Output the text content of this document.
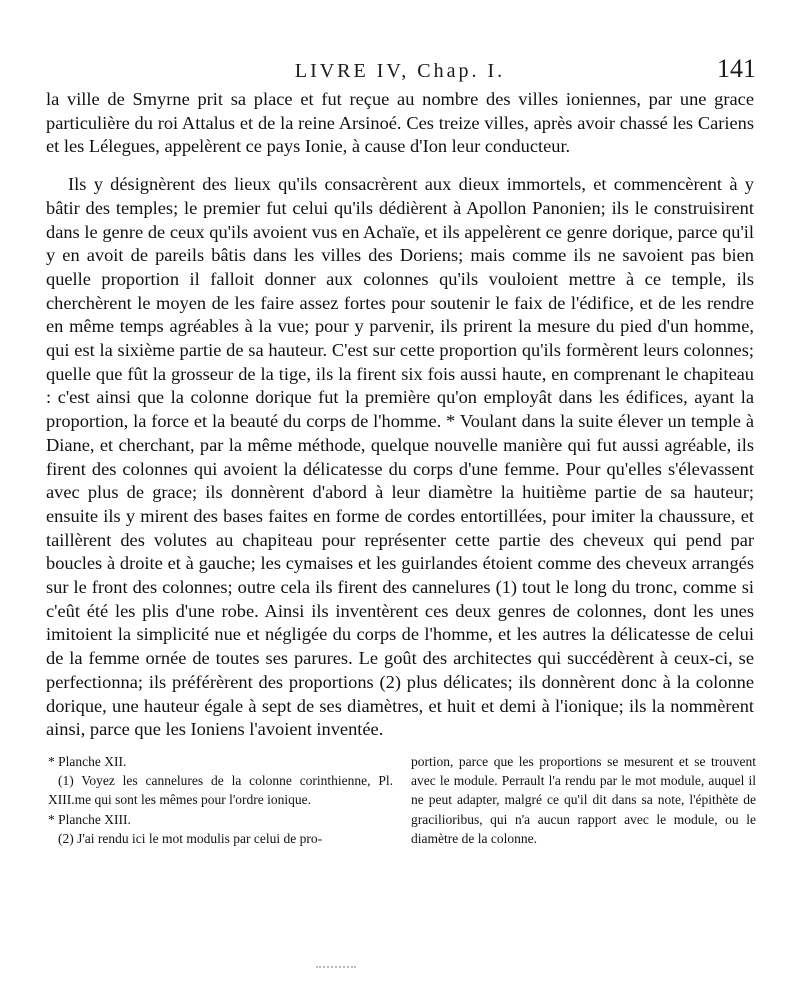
LIVRE IV, Chap. I.	141

la ville de Smyrne prit sa place et fut reçue au nombre des villes ioniennes, par une grace particulière du roi Attalus et de la reine Arsinoé. Ces treize villes, après avoir chassé les Cariens et les Lélegues, appelèrent ce pays Ionie, à cause d'Ion leur conducteur.

Ils y désignèrent des lieux qu'ils consacrèrent aux dieux immortels, et commencèrent à y bâtir des temples; le premier fut celui qu'ils dédièrent à Apollon Panonien; ils le construisirent dans le genre de ceux qu'ils avoient vus en Achaïe, et ils appelèrent ce genre dorique, parce qu'il y en avoit de pareils bâtis dans les villes des Doriens; mais comme ils ne savoient pas bien quelle proportion il falloit donner aux colonnes qu'ils vouloient mettre à ce temple, ils cherchèrent le moyen de les faire assez fortes pour soutenir le faix de l'édifice, et de les rendre en même temps agréables à la vue; pour y parvenir, ils prirent la mesure du pied d'un homme, qui est la sixième partie de sa hauteur. C'est sur cette proportion qu'ils formèrent leurs colonnes; quelle que fût la grosseur de la tige, ils la firent six fois aussi haute, en comprenant le chapiteau : c'est ainsi que la colonne dorique fut la première qu'on employât dans les édifices, ayant la proportion, la force et la beauté du corps de l'homme. * Voulant dans la suite élever un temple à Diane, et cherchant, par la même méthode, quelque nouvelle manière qui fut aussi agréable, ils firent des colonnes qui avoient la délicatesse du corps d'une femme. Pour qu'elles s'élevassent avec plus de grace; ils donnèrent d'abord à leur diamètre la huitième partie de sa hauteur; ensuite ils y mirent des bases faites en forme de cordes entortillées, pour imiter la chaussure, et taillèrent des volutes au chapiteau pour représenter cette partie des cheveux qui pend par boucles à droite et à gauche; les cymaises et les guirlandes étoient comme des cheveux arrangés sur le front des colonnes; outre cela ils firent des cannelures (1) tout le long du tronc, comme si c'eût été les plis d'une robe. Ainsi ils inventèrent ces deux genres de colonnes, dont les unes imitoient la simplicité nue et négligée du corps de l'homme, et les autres la délicatesse de celui de la femme ornée de toutes ses parures. Le goût des architectes qui succédèrent à ceux-ci, se perfectionna; ils préférèrent des proportions (2) plus délicates; ils donnèrent donc à la colonne dorique, une hauteur égale à sept de ses diamètres, et huit et demi à l'ionique; ils la nommèrent ainsi, parce que les Ioniens l'avoient inventée.

* Planche XII.

(1) Voyez les cannelures de la colonne corinthienne, Pl. XIII.me qui sont les mêmes pour l'ordre ionique.

* Planche XIII.

(2) J'ai rendu ici le mot modulis par celui de pro-

portion, parce que les proportions se mesurent et se trouvent avec le module. Perrault l'a rendu par le mot module, auquel il ne peut adapter, malgré ce qu'il dit dans sa note, l'épithète de gracilioribus, qui n'a aucun rapport avec le module, ou le diamètre de la colonne.
